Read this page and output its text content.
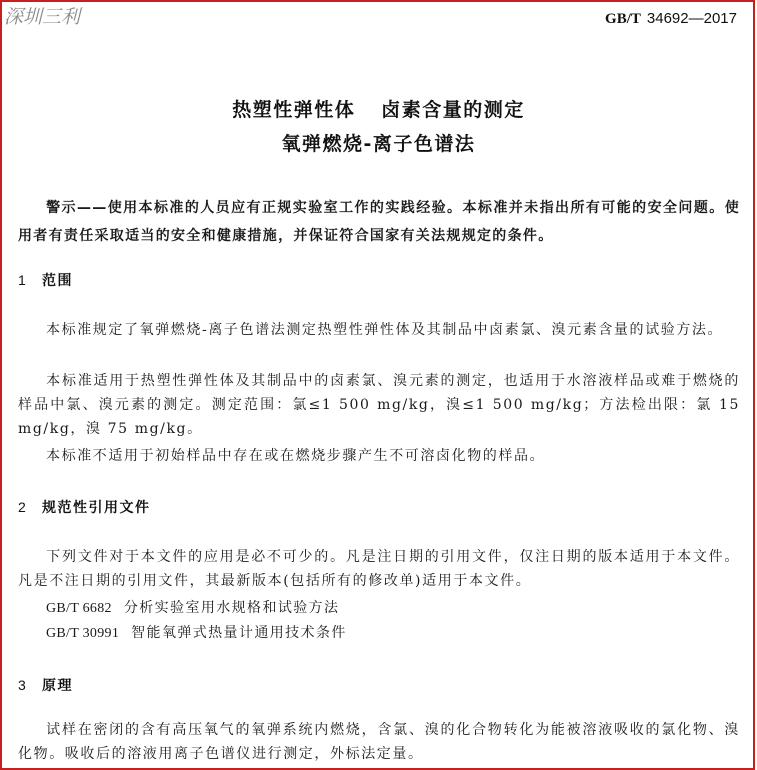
深圳三利	GB/T 34692—2017
热塑性弹性体 卤素含量的测定
氧弹燃烧-离子色谱法
警示——使用本标准的人员应有正规实验室工作的实践经验。本标准并未指出所有可能的安全问题。使用者有责任采取适当的安全和健康措施，并保证符合国家有关法规规定的条件。
1 范围
本标准规定了氧弹燃烧-离子色谱法测定热塑性弹性体及其制品中卤素氯、溴元素含量的试验方法。
本标准适用于热塑性弹性体及其制品中的卤素氯、溴元素的测定，也适用于水溶液样品或难于燃烧的样品中氯、溴元素的测定。测定范围：氯≤1 500 mg/kg，溴≤1 500 mg/kg；方法检出限：氯 15 mg/kg，溴 75 mg/kg。
本标准不适用于初始样品中存在或在燃烧步骤产生不可溶卤化物的样品。
2 规范性引用文件
下列文件对于本文件的应用是必不可少的。凡是注日期的引用文件，仅注日期的版本适用于本文件。凡是不注日期的引用文件，其最新版本(包括所有的修改单)适用于本文件。
GB/T 6682 分析实验室用水规格和试验方法
GB/T 30991 智能氧弹式热量计通用技术条件
3 原理
试样在密闭的含有高压氧气的氧弹系统内燃烧，含氯、溴的化合物转化为能被溶液吸收的氯化物、溴化物。吸收后的溶液用离子色谱仪进行测定，外标法定量。
